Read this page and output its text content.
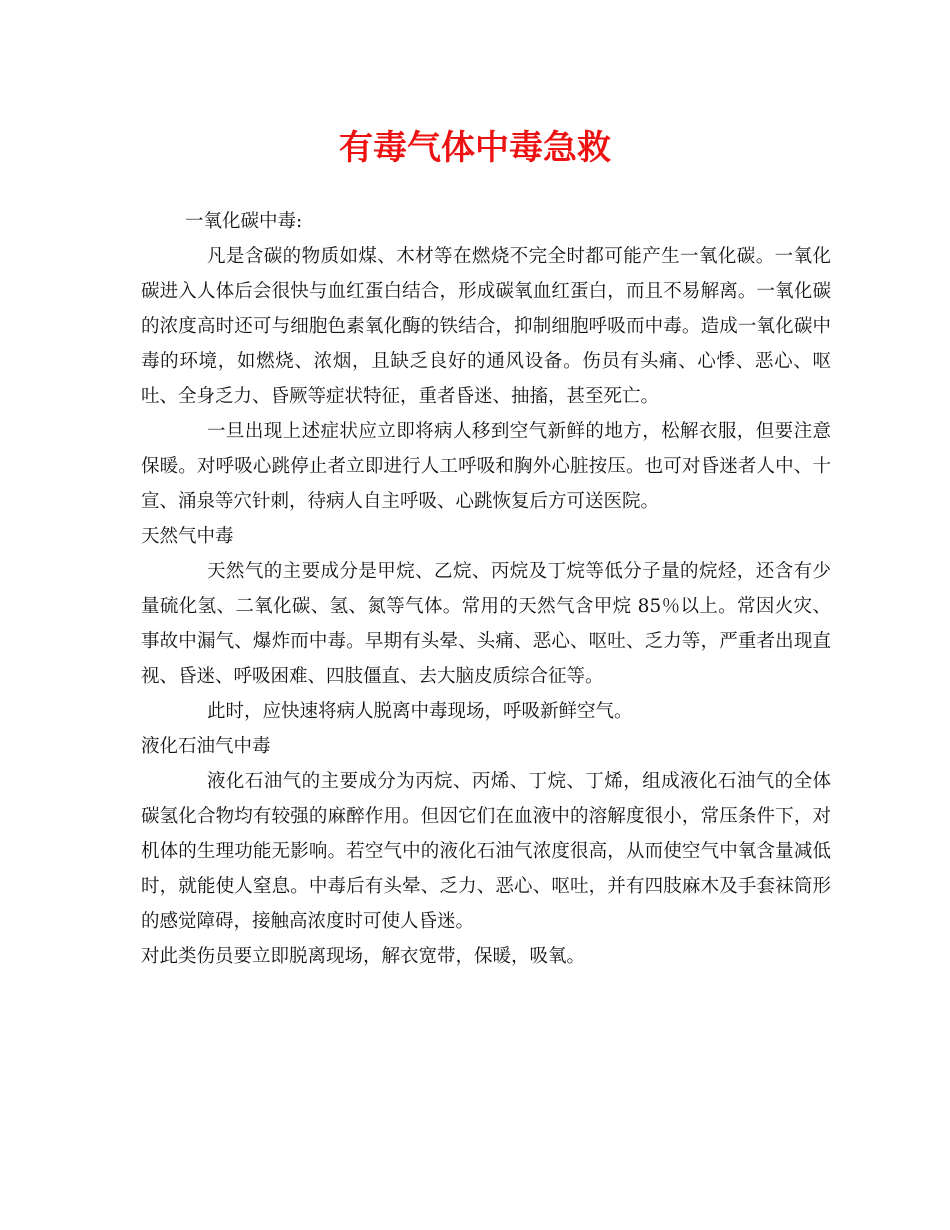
有毒气体中毒急救

一氧化碳中毒:

凡是含碳的物质如煤、木材等在燃烧不完全时都可能产生一氧化碳。一氧化碳进入人体后会很快与血红蛋白结合，形成碳氧血红蛋白，而且不易解离。一氧化碳的浓度高时还可与细胞色素氧化酶的铁结合，抑制细胞呼吸而中毒。造成一氧化碳中毒的环境，如燃烧、浓烟，且缺乏良好的通风设备。伤员有头痛、心悸、恶心、呕吐、全身乏力、昏厥等症状特征，重者昏迷、抽搐，甚至死亡。

一旦出现上述症状应立即将病人移到空气新鲜的地方，松解衣服，但要注意保暖。对呼吸心跳停止者立即进行人工呼吸和胸外心脏按压。也可对昏迷者人中、十宣、涌泉等穴针刺，待病人自主呼吸、心跳恢复后方可送医院。

天然气中毒

天然气的主要成分是甲烷、乙烷、丙烷及丁烷等低分子量的烷烃，还含有少量硫化氢、二氧化碳、氢、氮等气体。常用的天然气含甲烷 85％以上。常因火灾、事故中漏气、爆炸而中毒。早期有头晕、头痛、恶心、呕吐、乏力等，严重者出现直视、昏迷、呼吸困难、四肢僵直、去大脑皮质综合征等。

此时，应快速将病人脱离中毒现场，呼吸新鲜空气。

液化石油气中毒

液化石油气的主要成分为丙烷、丙烯、丁烷、丁烯，组成液化石油气的全体碳氢化合物均有较强的麻醉作用。但因它们在血液中的溶解度很小，常压条件下，对机体的生理功能无影响。若空气中的液化石油气浓度很高，从而使空气中氧含量减低时，就能使人窒息。中毒后有头晕、乏力、恶心、呕吐，并有四肢麻木及手套袜筒形的感觉障碍，接触高浓度时可使人昏迷。

对此类伤员要立即脱离现场，解衣宽带，保暖，吸氧。
